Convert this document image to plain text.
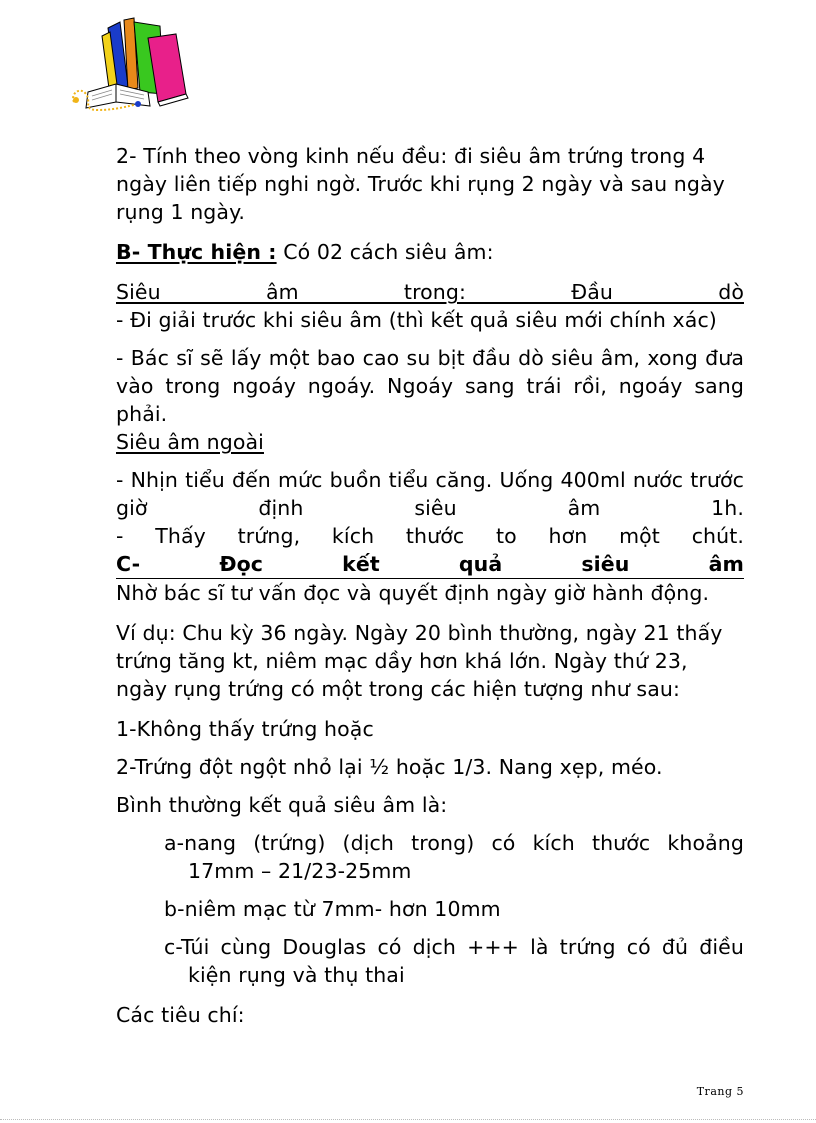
2- Tính theo vòng kinh nếu đều: đi siêu âm trứng trong 4 ngày liên tiếp nghi ngờ. Trước khi rụng 2 ngày và sau ngày rụng 1 ngày.

B- Thực hiện : Có 02 cách siêu âm:

Siêu âm trong: Đầu dò

- Đi giải trước khi siêu âm (thì kết quả siêu mới chính xác)

- Bác sĩ sẽ lấy một bao cao su bịt đầu dò siêu âm, xong đưa vào trong ngoáy ngoáy. Ngoáy sang trái rồi, ngoáy sang phải.

Siêu âm ngoài

- Nhịn tiểu đến mức buồn tiểu căng. Uống 400ml nước trước giờ định siêu âm 1h.

- Thấy trứng, kích thước to hơn một chút.

C- Đọc kết quả siêu âm

Nhờ bác sĩ tư vấn đọc và quyết định ngày giờ hành động.

Ví dụ: Chu kỳ 36 ngày. Ngày 20 bình thường, ngày 21 thấy trứng tăng kt, niêm mạc dầy hơn khá lớn. Ngày thứ 23, ngày rụng trứng có một trong các hiện tượng như sau:

1-Không thấy trứng hoặc

2-Trứng đột ngột nhỏ lại ½ hoặc 1/3. Nang xẹp, méo.

Bình thường kết quả siêu âm là:

a-nang (trứng) (dịch trong) có kích thước khoảng

17mm – 21/23-25mm

b-niêm mạc từ 7mm- hơn 10mm

c-Túi cùng Douglas có dịch +++ là trứng có đủ điều

kiện rụng và thụ thai

Các tiêu chí:

Trang 5
